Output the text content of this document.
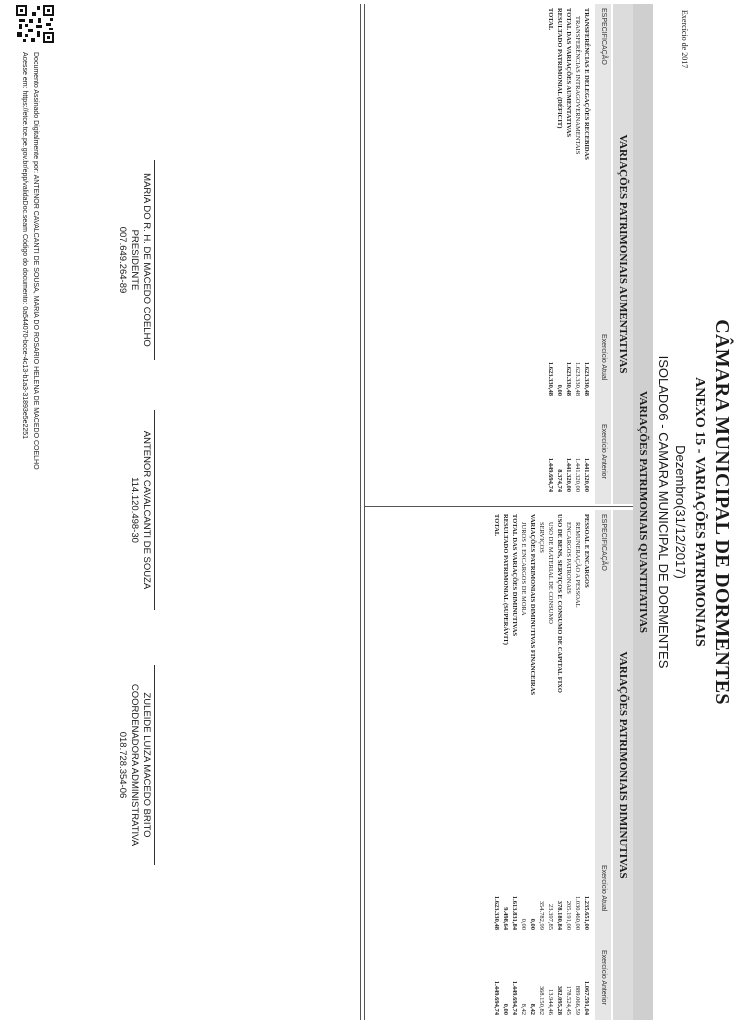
Exercício de 2017
CÂMARA MUNICIPAL DE DORMENTES
ANEXO 15 - VARIAÇÕES PATRIMONIAIS
Dezembro(31/12/2017)
ISOLADO6 - CAMARA MUNICIPAL DE DORMENTES
VARIAÇÕES PATRIMONIAIS QUANTITATIVAS
VARIAÇÕES PATRIMONIAIS AUMENTATIVAS
ESPECIFICAÇÃO
Exercício Atual
Exercício Anterior
TRANSFERÊNCIAS E DELEGAÇÕES RECEBIDAS
1.623.330,48
1.441.320,00
TRANSFERÊNCIAS INTRAGOVERNAMENTAIS
1.623.330,48
1.441.320,00
TOTAL DAS VARIAÇÕES AUMENTATIVAS
1.623.330,48
1.441.320,00
RESULTADO PATRIMONIAL (DÉFICIT)
0,00
8.374,74
TOTAL
1.623.330,48
1.449.694,74
VARIAÇÕES PATRIMONIAIS DIMINUTIVAS
ESPECIFICAÇÃO
Exercício Atual
Exercício Anterior
PESSOAL E ENCARGOS
1.235.651,00
1.067.591,04
REMUNERAÇÃO A PESSOAL
1.030.460,00
889.066,59
ENCARGOS PATRONAIS
205.191,00
178.524,45
USO DE BENS, SERVIÇOS E CONSUMO DE CAPITAL FIXO
378.180,84
382.095,28
USO DE MATERIAL DE CONSUMO
23.397,85
13.944,46
SERVIÇOS
354.782,99
368.150,82
VARIAÇÕES PATRIMONIAIS DIMINUTIVAS FINANCEIRAS
0,00
8,42
JUROS E ENCARGOS DE MORA
0,00
8,42
TOTAL DAS VARIAÇÕES DIMINUTIVAS
1.613.831,84
1.449.694,74
RESULTADO PATRIMONIAL (SUPERÁVIT)
9.498,64
0,00
TOTAL
1.623.330,48
1.449.694,74
MARIA DO R. H. DE MACEDO COELHO
PRESIDENTE
007.649.264-89
ANTENOR CAVALCANTI DE SOUZA
114.120.498-30
ZULEIDE LUIZA MACEDO BRITO
COORDENADORA ADMINISTRATIVA
018.728.354-06
Documento Assinado Digitalmente por: ANTENOR CAVALCANTI DE SOUSA, MARIA DO ROSARIO HELENA DE MACEDO COELHO
Acesse em: https://etce.tce.pe.gov.br/epp/validaDoc.seam Código do documento: 0a544070-bcce-4c13-b1a3-31893e5e2251
